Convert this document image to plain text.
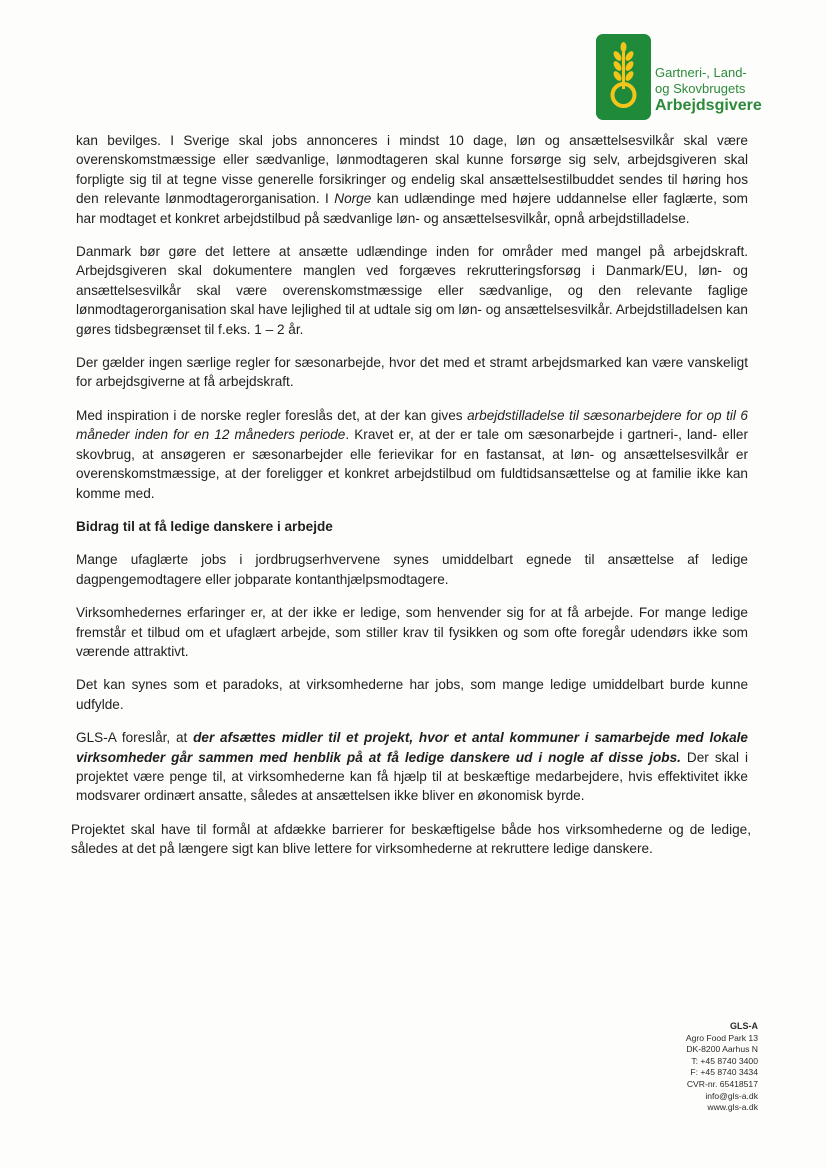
Gartneri-, Land-
og Skovbrugets
Arbejdsgivere

kan bevilges. I Sverige skal jobs annonceres i mindst 10 dage, løn og ansættelsesvilkår skal være overenskomstmæssige eller sædvanlige, lønmodtageren skal kunne forsørge sig selv, arbejdsgiveren skal forpligte sig til at tegne visse generelle forsikringer og endelig skal ansættelsestilbuddet sendes til høring hos den relevante lønmodtagerorganisation. I Norge kan udlændinge med højere uddannelse eller faglærte, som har modtaget et konkret arbejdstilbud på sædvanlige løn- og ansættelsesvilkår, opnå arbejdstilladelse.

Danmark bør gøre det lettere at ansætte udlændinge inden for områder med mangel på arbejdskraft. Arbejdsgiveren skal dokumentere manglen ved forgæves rekrutteringsforsøg i Danmark/EU, løn- og ansættelsesvilkår skal være overenskomstmæssige eller sædvanlige, og den relevante faglige lønmodtagerorganisation skal have lejlighed til at udtale sig om løn- og ansættelsesvilkår. Arbejdstilladelsen kan gøres tidsbegrænset til f.eks. 1 – 2 år.

Der gælder ingen særlige regler for sæsonarbejde, hvor det med et stramt arbejdsmarked kan være vanskeligt for arbejdsgiverne at få arbejdskraft.

Med inspiration i de norske regler foreslås det, at der kan gives arbejdstilladelse til sæsonarbejdere for op til 6 måneder inden for en 12 måneders periode. Kravet er, at der er tale om sæsonarbejde i gartneri-, land- eller skovbrug, at ansøgeren er sæsonarbejder elle ferievikar for en fastansat, at løn- og ansættelsesvilkår er overenskomstmæssige, at der foreligger et konkret arbejdstilbud om fuldtidsansættelse og at familie ikke kan komme med.

Bidrag til at få ledige danskere i arbejde

Mange ufaglærte jobs i jordbrugserhvervene synes umiddelbart egnede til ansættelse af ledige dagpengemodtagere eller jobparate kontanthjælpsmodtagere.

Virksomhedernes erfaringer er, at der ikke er ledige, som henvender sig for at få arbejde. For mange ledige fremstår et tilbud om et ufaglært arbejde, som stiller krav til fysikken og som ofte foregår udendørs ikke som værende attraktivt.

Det kan synes som et paradoks, at virksomhederne har jobs, som mange ledige umiddelbart burde kunne udfylde.

GLS-A foreslår, at der afsættes midler til et projekt, hvor et antal kommuner i samarbejde med lokale virksomheder går sammen med henblik på at få ledige danskere ud i nogle af disse jobs. Der skal i projektet være penge til, at virksomhederne kan få hjælp til at beskæftige medarbejdere, hvis effektivitet ikke modsvarer ordinært ansatte, således at ansættelsen ikke bliver en økonomisk byrde.

Projektet skal have til formål at afdække barrierer for beskæftigelse både hos virksomhederne og de ledige, således at det på længere sigt kan blive lettere for virksomhederne at rekruttere ledige danskere.

GLS-A
Agro Food Park 13
DK-8200 Aarhus N
T: +45 8740 3400
F: +45 8740 3434
CVR-nr. 65418517
info@gls-a.dk
www.gls-a.dk
